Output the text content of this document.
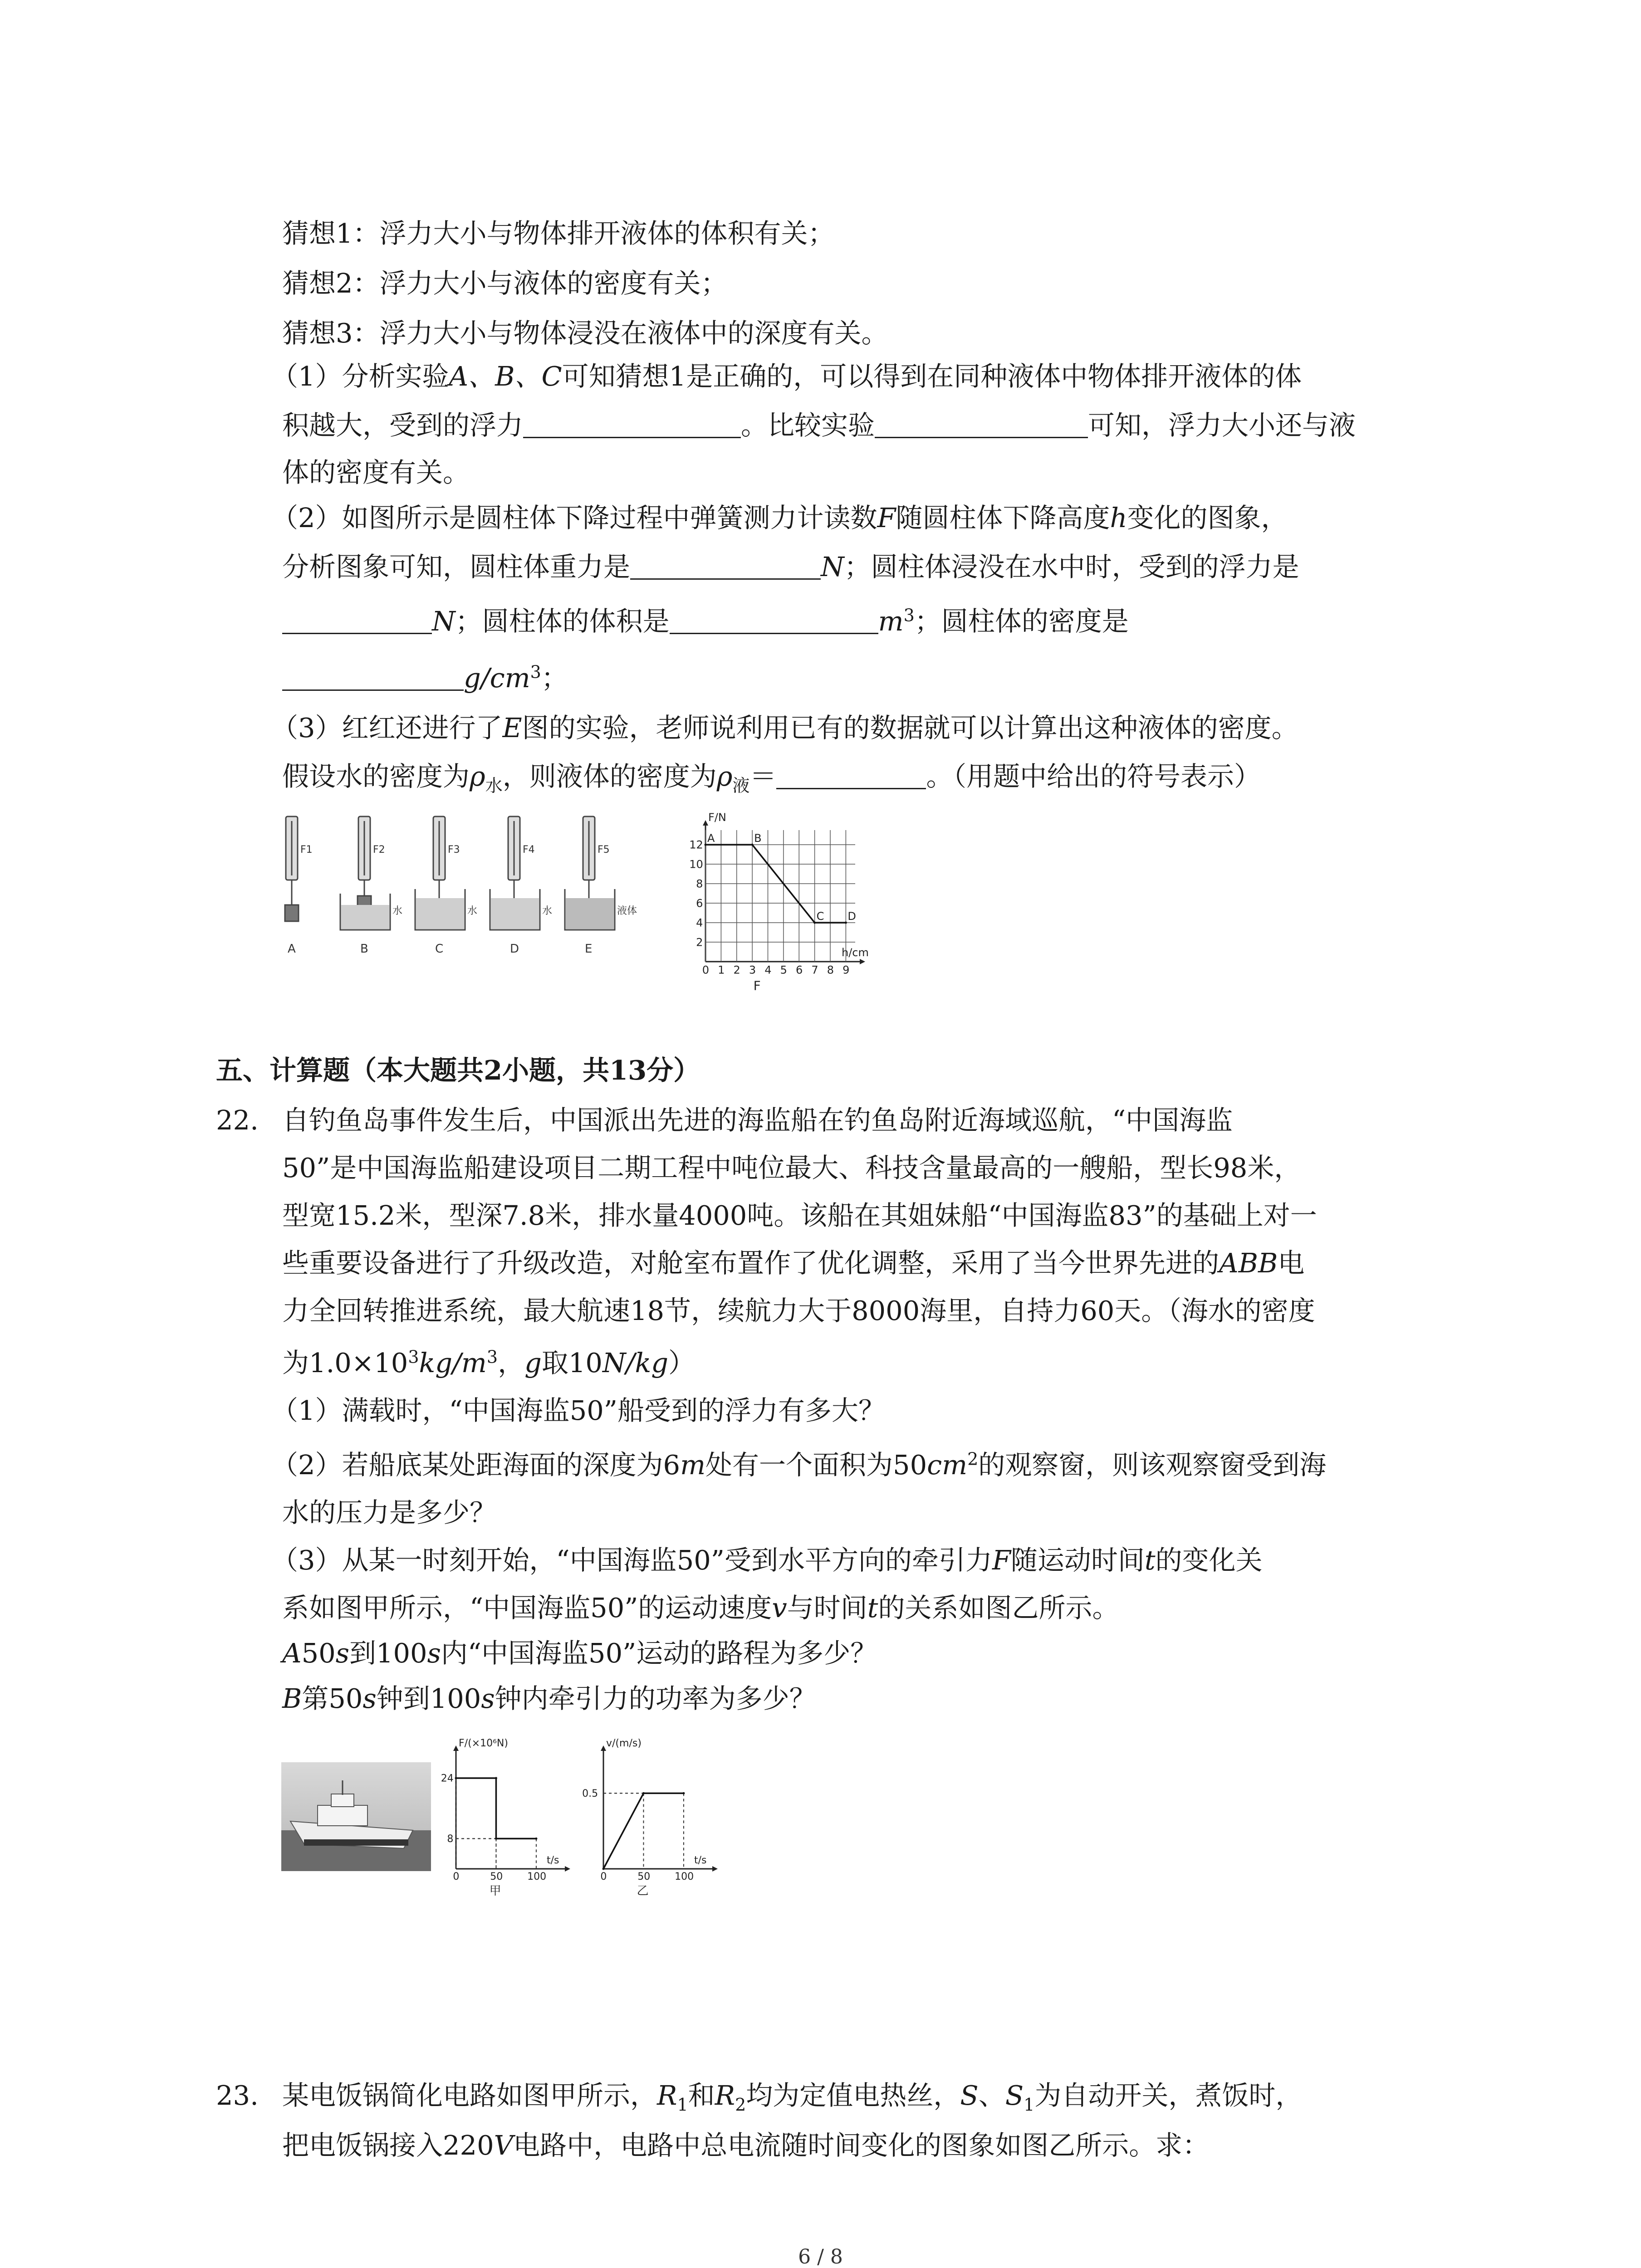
猜想1：浮力大小与物体排开液体的体积有关；

猜想2：浮力大小与液体的密度有关；

猜想3：浮力大小与物体浸没在液体中的深度有关。

（1）分析实验A、B、C可知猜想1是正确的，可以得到在同种液体中物体排开液体的体

积越大，受到的浮力	。比较实验	可知，浮力大小还与液

体的密度有关。

（2）如图所示是圆柱体下降过程中弹簧测力计读数F随圆柱体下降高度h变化的图象，

分析图象可知，圆柱体重力是	N；圆柱体浸没在水中时，受到的浮力是

N；圆柱体的体积是	$m^3$；圆柱体的密度是

$g/cm^3$；

（3）红红还进行了E图的实验，老师说利用已有的数据就可以计算出这种液体的密度。

假设水的密度为$\rho_水$，则液体的密度为$\rho_液=$	。（用题中给出的符号表示）

F1	F2	F3	F4	F5
水	水	水	液体
A	B	C	D	E
F/N
h/cm
F
0 1 2 3 4 5 6 7 8 9
2
4
6
8
10
12
A	B
C D

五、计算题（本大题共2小题，共13分）

22. 自钓鱼岛事件发生后，中国派出先进的海监船在钓鱼岛附近海域巡航，“中国海监

50”是中国海监船建设项目二期工程中吨位最大、科技含量最高的一艘船，型长98米，

型宽15.2米，型深7.8米，排水量4000吨。该船在其姐妹船“中国海监83”的基础上对一

些重要设备进行了升级改造，对舱室布置作了优化调整，采用了当今世界先进的ABB电

力全回转推进系统，最大航速18节，续航力大于8000海里，自持力60天。（海水的密度

为$1.0\times 10^3kg/m^3$，g取10N/kg）

（1）满载时，“中国海监50”船受到的浮力有多大？

（2）若船底某处距海面的深度为6m处有一个面积为$50cm^2$的观察窗，则该观察窗受到海

水的压力是多少？

（3）从某一时刻开始，“中国海监50”受到水平方向的牵引力F随运动时间t的变化关

系如图甲所示，“中国海监50”的运动速度v与时间t的关系如图乙所示。

A50s到100s内“中国海监50”运动的路程为多少？

B第50s钟到100s钟内牵引力的功率为多少？

F/(×10⁶N)
t/s
甲
0	50 100
24
8
v/(m/s)
t/s
乙
0	50 100
0.5

23. 某电饭锅简化电路如图甲所示，$R_1$和$R_2$均为定值电热丝，S、$S_1$为自动开关，煮饭时，

把电饭锅接入220V电路中，电路中总电流随时间变化的图象如图乙所示。求：

6 / 8
